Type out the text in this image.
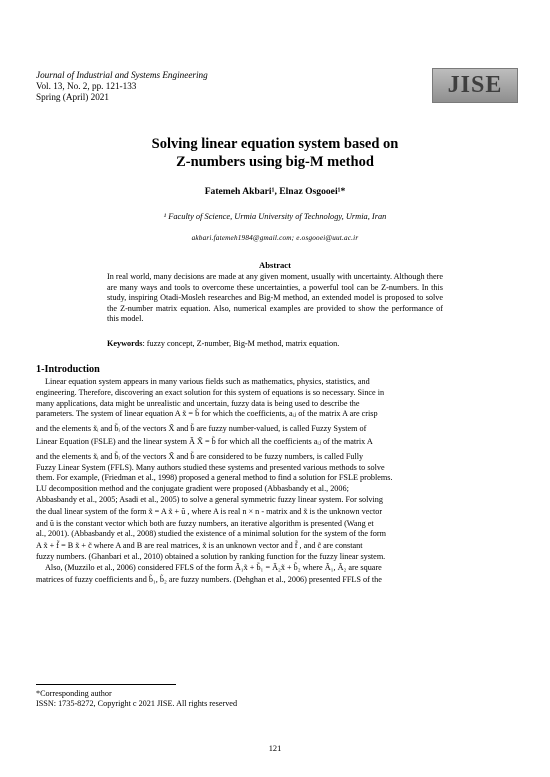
Journal of Industrial and Systems Engineering
Vol. 13, No. 2, pp. 121-133
Spring (April) 2021	JISE
Solving linear equation system based on
Z-numbers using big-M method
Fatemeh Akbari¹, Elnaz Osgooei¹*
¹ Faculty of Science, Urmia University of Technology, Urmia, Iran
akbari.fatemeh1984@gmail.com; e.osgooei@uut.ac.ir
Abstract
In real world, many decisions are made at any given moment, usually with uncertainty. Although there are many ways and tools to overcome these uncertainties, a powerful tool can be Z-numbers. In this study, inspiring Otadi-Mosleh researches and Big-M method, an extended model is proposed to solve the Z-number matrix equation. Also, numerical examples are provided to show the performance of this model.
Keywords: fuzzy concept, Z-number, Big-M method, matrix equation.
1-Introduction
Linear equation system appears in many various fields such as mathematics, physics, statistics, and
engineering. Therefore, discovering an exact solution for this system of equations is so necessary. Since in
many applications, data might be unrealistic and uncertain, fuzzy data is being used to describe the
parameters. The system of linear equation A x̃ = b̃ for which the coefficients, aᵢⱼ of the matrix A are crisp
and the elements x̃ᵢ and b̃ᵢ of the vectors X̃ and b̃ are fuzzy number-valued, is called Fuzzy System of
Linear Equation (FSLE) and the linear system Ã X̃ = b̃ for which all the coefficients aᵢⱼ of the matrix A
and the elements x̃ᵢ and b̃ᵢ of the vectors X̃ and b̃ are considered to be fuzzy numbers, is called Fully
Fuzzy Linear System (FFLS). Many authors studied these systems and presented various methods to solve
them. For example, (Friedman et al., 1998) proposed a general method to find a solution for FSLE problems.
LU decomposition method and the conjugate gradient were proposed (Abbasbandy et al., 2006;
Abbasbandy et al., 2005; Asadi et al., 2005) to solve a general symmetric fuzzy linear system. For solving
the dual linear system of the form x̃ = A x̃ + ũ , where A is real n × n - matrix and x̃ is the unknown vector
and ũ is the constant vector which both are fuzzy numbers, an iterative algorithm is presented (Wang et
al., 2001). (Abbasbandy et al., 2008) studied the existence of a minimal solution for the system of the form
A x̃ + f̃ = B x̃ + c̃ where A and B are real matrices, x̃ is an unknown vector and f̃ , and c̃ are constant
fuzzy numbers. (Ghanbari et al., 2010) obtained a solution by ranking function for the fuzzy linear system.
Also, (Muzzilo et al., 2006) considered FFLS of the form Ã₁x̃ + b̃₁ = Ã₂x̃ + b̃₂ where Ã₁, Ã₂ are square
matrices of fuzzy coefficients and b̃₁, b̃₂ are fuzzy numbers. (Dehghan et al., 2006) presented FFLS of the
*Corresponding author
ISSN: 1735-8272, Copyright c 2021 JISE. All rights reserved
121
